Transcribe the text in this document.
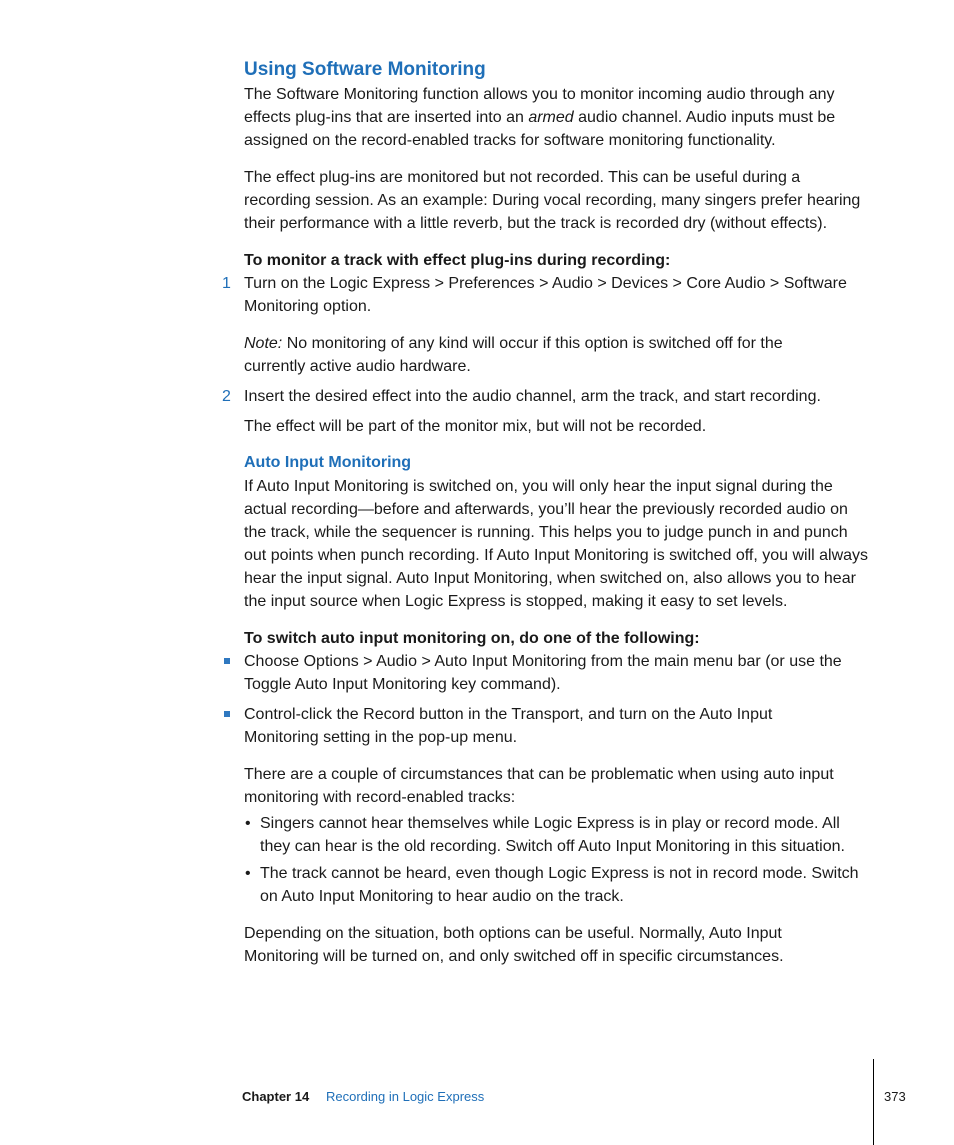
Using Software Monitoring
The Software Monitoring function allows you to monitor incoming audio through any effects plug-ins that are inserted into an armed audio channel. Audio inputs must be assigned on the record-enabled tracks for software monitoring functionality.
The effect plug-ins are monitored but not recorded. This can be useful during a recording session. As an example: During vocal recording, many singers prefer hearing their performance with a little reverb, but the track is recorded dry (without effects).
To monitor a track with effect plug-ins during recording:
1 Turn on the Logic Express > Preferences > Audio > Devices > Core Audio > Software Monitoring option.
Note: No monitoring of any kind will occur if this option is switched off for the currently active audio hardware.
2 Insert the desired effect into the audio channel, arm the track, and start recording.
The effect will be part of the monitor mix, but will not be recorded.
Auto Input Monitoring
If Auto Input Monitoring is switched on, you will only hear the input signal during the actual recording—before and afterwards, you’ll hear the previously recorded audio on the track, while the sequencer is running. This helps you to judge punch in and punch out points when punch recording. If Auto Input Monitoring is switched off, you will always hear the input signal. Auto Input Monitoring, when switched on, also allows you to hear the input source when Logic Express is stopped, making it easy to set levels.
To switch auto input monitoring on, do one of the following:
Choose Options > Audio > Auto Input Monitoring from the main menu bar (or use the Toggle Auto Input Monitoring key command).
Control-click the Record button in the Transport, and turn on the Auto Input Monitoring setting in the pop-up menu.
There are a couple of circumstances that can be problematic when using auto input monitoring with record-enabled tracks:
• Singers cannot hear themselves while Logic Express is in play or record mode. All they can hear is the old recording. Switch off Auto Input Monitoring in this situation.
• The track cannot be heard, even though Logic Express is not in record mode. Switch on Auto Input Monitoring to hear audio on the track.
Depending on the situation, both options can be useful. Normally, Auto Input Monitoring will be turned on, and only switched off in specific circumstances.
Chapter 14 Recording in Logic Express	373
